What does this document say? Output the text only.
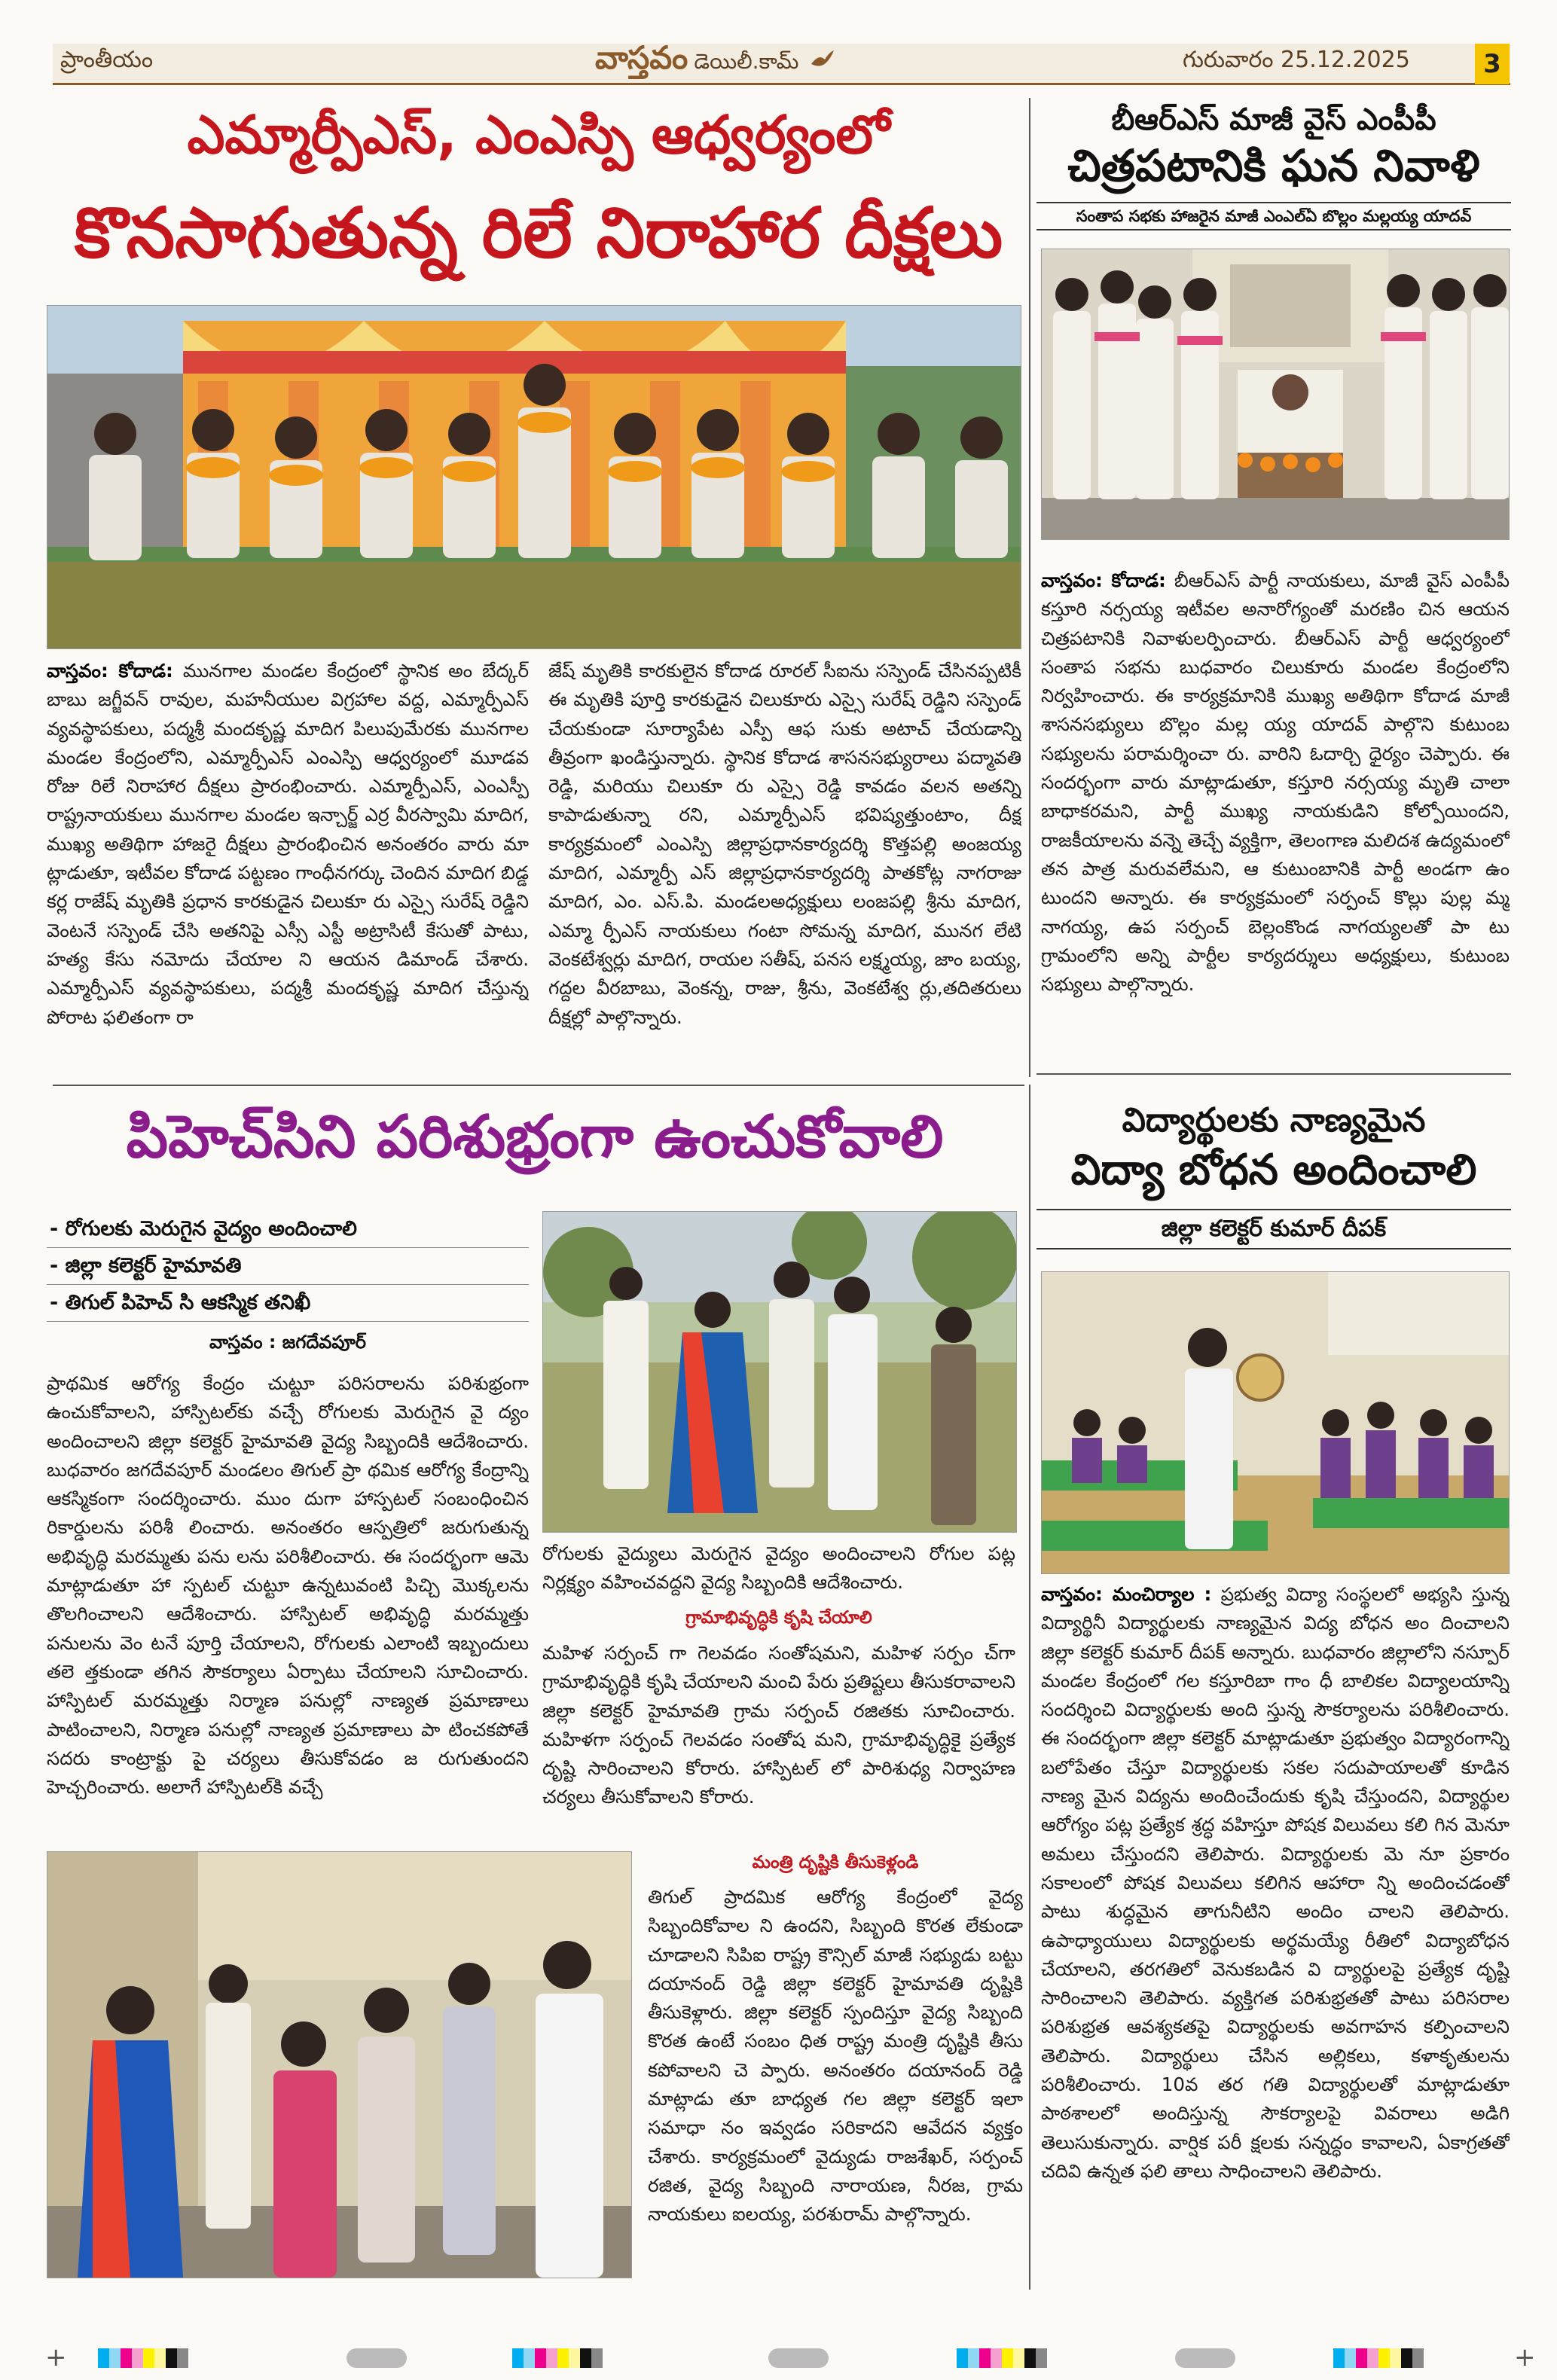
ప్రాంతీయం	వాస్తవం డెయిలీ.కామ్	గురువారం 25.12.2025	3
ఎమ్మార్పీఎస్, ఎంఎస్పి ఆధ్వర్యంలో
కొనసాగుతున్న రిలే నిరాహార దీక్షలు
వాస్తవం: కోదాడ: మునగాల మండల కేంద్రంలో స్థానిక అం బేద్కర్ బాబు జగ్జీవన్ రావుల, మహనీయుల విగ్రహాల వద్ద, ఎమ్మార్పీఎస్ వ్యవస్థాపకులు, పద్మశ్రీ మందకృష్ణ మాదిగ పిలుపుమేరకు మునగాల మండల కేంద్రంలోని, ఎమ్మార్పీఎస్ ఎంఎస్పి ఆధ్వర్యంలో మూడవ రోజు రిలే నిరాహార దీక్షలు ప్రారంభించారు. ఎమ్మార్పీఎస్, ఎంఎస్పీ రాష్ట్రనాయకులు మునగాల మండల ఇన్చార్జ్ ఎర్ర వీరస్వామి మాదిగ, ముఖ్య అతిథిగా హాజరై దీక్షలు ప్రారంభించిన అనంతరం వారు మా ట్లాడుతూ, ఇటీవల కోదాడ పట్టణం గాంధీనగర్కు చెందిన మాదిగ బిడ్డ కర్ల రాజేష్ మృతికి ప్రధాన కారకుడైన చిలుకూ రు ఎస్సై సురేష్ రెడ్డిని వెంటనే సస్పెండ్ చేసి అతనిపై ఎస్సీ ఎస్టీ అట్రాసిటీ కేసుతో పాటు, హత్య కేసు నమోదు చేయాల ని ఆయన డిమాండ్ చేశారు. ఎమ్మార్పీఎస్ వ్యవస్థాపకులు, పద్మశ్రీ మందకృష్ణ మాదిగ చేస్తున్న పోరాట ఫలితంగా రా
జేష్ మృతికి కారకులైన కోదాడ రూరల్ సీఐను సస్పెండ్ చేసినప్పటికీ ఈ మృతికి పూర్తి కారకుడైన చిలుకూరు ఎస్సై సురేష్ రెడ్డిని సస్పెండ్ చేయకుండా సూర్యాపేట ఎస్పీ ఆఫ సుకు అటాచ్ చేయడాన్ని తీవ్రంగా ఖండిస్తున్నారు. స్థానిక కోదాడ శాసనసభ్యురాలు పద్మావతి రెడ్డి, మరియు చిలుకూ రు ఎస్సై రెడ్డి కావడం వలన అతన్ని కాపాడుతున్నా రని, ఎమ్మార్పీఎస్ భవిష్యత్తుంటాం, దీక్ష కార్యక్రమంలో ఎంఎస్పి జిల్లాప్రధానకార్యదర్శి కొత్తపల్లి అంజయ్య మాదిగ, ఎమ్మార్పీ ఎస్ జిల్లాప్రధానకార్యదర్శి పాతకోట్ల నాగరాజు మాదిగ, ఎం. ఎస్.పి. మండలఅధ్యక్షులు లంజపల్లి శ్రీను మాదిగ, ఎమ్మా ర్పీఎస్ నాయకులు గంటా సోమన్న మాదిగ, మునగ లేటి వెంకటేశ్వర్లు మాదిగ, రాయల సతీష్, పనస లక్ష్మయ్య, జాం బయ్య, గద్దల వీరబాబు, వెంకన్న, రాజు, శ్రీను, వెంకటేశ్వ ర్లు,తదితరులు దీక్షల్లో పాల్గొన్నారు.
బీఆర్ఎస్ మాజీ వైస్ ఎంపీపీ
చిత్రపటానికి ఘన నివాళి
సంతాప సభకు హాజరైన మాజీ ఎంఎల్ఏ బొల్లం మల్లయ్య యాదవ్
వాస్తవం: కోదాడ: బీఆర్ఎస్ పార్టీ నాయకులు, మాజీ వైస్ ఎంపీపీ కస్తూరి నర్సయ్య ఇటీవల అనారోగ్యంతో మరణిం చిన ఆయన చిత్రపటానికి నివాళులర్పించారు. బీఆర్ఎస్ పార్టీ ఆధ్వర్యంలో సంతాప సభను బుధవారం చిలుకూరు మండల కేంద్రంలోని నిర్వహించారు. ఈ కార్యక్రమానికి ముఖ్య అతిథిగా కోదాడ మాజీ శాసనసభ్యులు బొల్లం మల్ల య్య యాదవ్ పాల్గొని కుటుంబ సభ్యులను పరామర్శించా రు. వారిని ఓదార్చి ధైర్యం చెప్పారు. ఈ సందర్భంగా వారు మాట్లాడుతూ, కస్తూరి నర్సయ్య మృతి చాలా బాధాకరమని, పార్టీ ముఖ్య నాయకుడిని కోల్పోయిందని, రాజకీయాలను వన్నె తెచ్చే వ్యక్తిగా, తెలంగాణ మలిదశ ఉద్యమంలో తన పాత్ర మరువలేమని, ఆ కుటుంబానికి పార్టీ అండగా ఉం టుందని అన్నారు. ఈ కార్యక్రమంలో సర్పంచ్ కొల్లు పుల్ల మ్మ నాగయ్య, ఉప సర్పంచ్ బెల్లంకొండ నాగయ్యలతో పా టు గ్రామంలోని అన్ని పార్టీల కార్యదర్శులు అధ్యక్షులు, కుటుంబ సభ్యులు పాల్గొన్నారు.
పిహెచ్‌సిని పరిశుభ్రంగా ఉంచుకోవాలి
- రోగులకు మెరుగైన వైద్యం అందించాలి
- జిల్లా కలెక్టర్ హైమావతి
- తిగుల్ పిహెచ్ సి ఆకస్మిక తనిఖీ
వాస్తవం : జగదేవపూర్
ప్రాథమిక ఆరోగ్య కేంద్రం చుట్టూ పరిసరాలను పరిశుభ్రంగా ఉంచుకోవాలని, హాస్పిటల్‌కు వచ్చే రోగులకు మెరుగైన వై ద్యం అందించాలని జిల్లా కలెక్టర్ హైమావతి వైద్య సిబ్బందికి ఆదేశించారు. బుధవారం జగదేవపూర్ మండలం తిగుల్ ప్రా థమిక ఆరోగ్య కేంద్రాన్ని ఆకస్మికంగా సందర్శించారు. ముం దుగా హాస్పటల్ సంబంధించిన రికార్డులను పరిశీ లించారు. అనంతరం ఆస్పత్రిలో జరుగుతున్న అభివృద్ధి మరమ్మతు పను లను పరిశీలించారు. ఈ సందర్భంగా ఆమె మాట్లాడుతూ హా స్పటల్ చుట్టూ ఉన్నటువంటి పిచ్చి మొక్కలను తొలగించాలని ఆదేశించారు. హాస్పిటల్ అభివృద్ధి మరమ్మత్తు పనులను వెం టనే పూర్తి చేయాలని, రోగులకు ఎలాంటి ఇబ్బందులు తలె త్తకుండా తగిన సౌకర్యాలు ఏర్పాటు చేయాలని సూచించారు. హాస్పిటల్ మరమ్మత్తు నిర్మాణ పనుల్లో నాణ్యత ప్రమాణాలు పాటించాలని, నిర్మాణ పనుల్లో నాణ్యత ప్రమాణాలు పా టించకపోతే సదరు కాంట్రాక్టు పై చర్యలు తీసుకోవడం జ రుగుతుందని హెచ్చరించారు. అలాగే హాస్పిటల్‌కి వచ్చే
రోగులకు వైద్యులు మెరుగైన వైద్యం అందించాలని రోగుల పట్ల నిర్లక్ష్యం వహించవద్దని వైద్య సిబ్బందికి ఆదేశించారు.
గ్రామాభివృద్ధికి కృషి చేయాలి
మహిళ సర్పంచ్ గా గెలవడం సంతోషమని, మహిళ సర్పం చ్‌గా గ్రామాభివృద్ధికి కృషి చేయాలని మంచి పేరు ప్రతిష్టలు తీసుకరావాలని జిల్లా కలెక్టర్ హైమావతి గ్రామ సర్పంచ్ రజితకు సూచించారు. మహిళగా సర్పంచ్ గెలవడం సంతోష మని, గ్రామాభివృద్ధికై ప్రత్యేక దృష్టి సారించాలని కోరారు. హాస్పిటల్ లో పారిశుధ్య నిర్వాహణ చర్యలు తీసుకోవాలని కోరారు.
మంత్రి దృష్టికి తీసుకెళ్లండి
తిగుల్ ప్రాదమిక ఆరోగ్య కేంద్రంలో వైద్య సిబ్బందికోవాల ని ఉందని, సిబ్బంది కొరత లేకుండా చూడాలని సిపిఐ రాష్ట్ర కౌన్సిల్ మాజీ సభ్యుడు బట్టు దయానంద్ రెడ్డి జిల్లా కలెక్టర్ హైమావతి దృష్టికి తీసుకెళ్లారు. జిల్లా కలెక్టర్ స్పందిస్తూ వైద్య సిబ్బంది కొరత ఉంటే సంబం ధిత రాష్ట్ర మంత్రి దృష్టికి తీసు కపోవాలని చె ప్పారు. అనంతరం దయానంద్ రెడ్డి మాట్లాడు తూ బాధ్యత గల జిల్లా కలెక్టర్ ఇలా సమాధా నం ఇవ్వడం సరికాదని ఆవేదన వ్యక్తం చేశారు. కార్యక్రమంలో వైద్యుడు రాజశేఖర్, సర్పంచ్ రజిత, వైద్య సిబ్బంది నారాయణ, నీరజ, గ్రామ నాయకులు ఐలయ్య, పరశురామ్ పాల్గొన్నారు.
విద్యార్థులకు నాణ్యమైన
విద్యా బోధన అందించాలి
జిల్లా కలెక్టర్ కుమార్ దీపక్
వాస్తవం: మంచిర్యాల : ప్రభుత్వ విద్యా సంస్థలలో అభ్యసి స్తున్న విద్యార్థినీ విద్యార్థులకు నాణ్యమైన విద్య బోధన అం దించాలని జిల్లా కలెక్టర్ కుమార్ దీపక్ అన్నారు. బుధవారం జిల్లాలోని నస్పూర్ మండల కేంద్రంలో గల కస్తూరిబా గాం ధీ బాలికల విద్యాలయాన్ని సందర్శించి విద్యార్థులకు అంది స్తున్న సౌకర్యాలను పరిశీలించారు. ఈ సందర్భంగా జిల్లా కలెక్టర్ మాట్లాడుతూ ప్రభుత్వం విద్యారంగాన్ని బలోపేతం చేస్తూ విద్యార్థులకు సకల సదుపాయాలతో కూడిన నాణ్య మైన విద్యను అందించేందుకు కృషి చేస్తుందని, విద్యార్థుల ఆరోగ్యం పట్ల ప్రత్యేక శ్రద్ధ వహిస్తూ పోషక విలువలు కలి గిన మెనూ అమలు చేస్తుందని తెలిపారు. విద్యార్థులకు మె నూ ప్రకారం సకాలంలో పోషక విలువలు కలిగిన ఆహారా న్ని అందించడంతో పాటు శుద్ధమైన తాగునీటిని అందిం చాలని తెలిపారు. ఉపాధ్యాయులు విద్యార్థులకు అర్థమయ్యే రీతిలో విద్యాబోధన చేయాలని, తరగతిలో వెనుకబడిన వి ద్యార్థులపై ప్రత్యేక దృష్టి సారించాలని తెలిపారు. వ్యక్తిగత పరిశుభ్రతతో పాటు పరిసరాల పరిశుభ్రత ఆవశ్యకతపై విద్యార్థులకు అవగాహన కల్పించాలని తెలిపారు. విద్యార్థులు చేసిన అల్లికలు, కళాకృతులను పరిశీలించారు. 10వ తర గతి విద్యార్థులతో మాట్లాడుతూ పాఠశాలలో అందిస్తున్న సౌకర్యాలపై వివరాలు అడిగి తెలుసుకున్నారు. వార్షిక పరీ క్షలకు సన్నద్ధం కావాలని, ఏకాగ్రతతో చదివి ఉన్నత ఫలి తాలు సాధించాలని తెలిపారు.
+	+
